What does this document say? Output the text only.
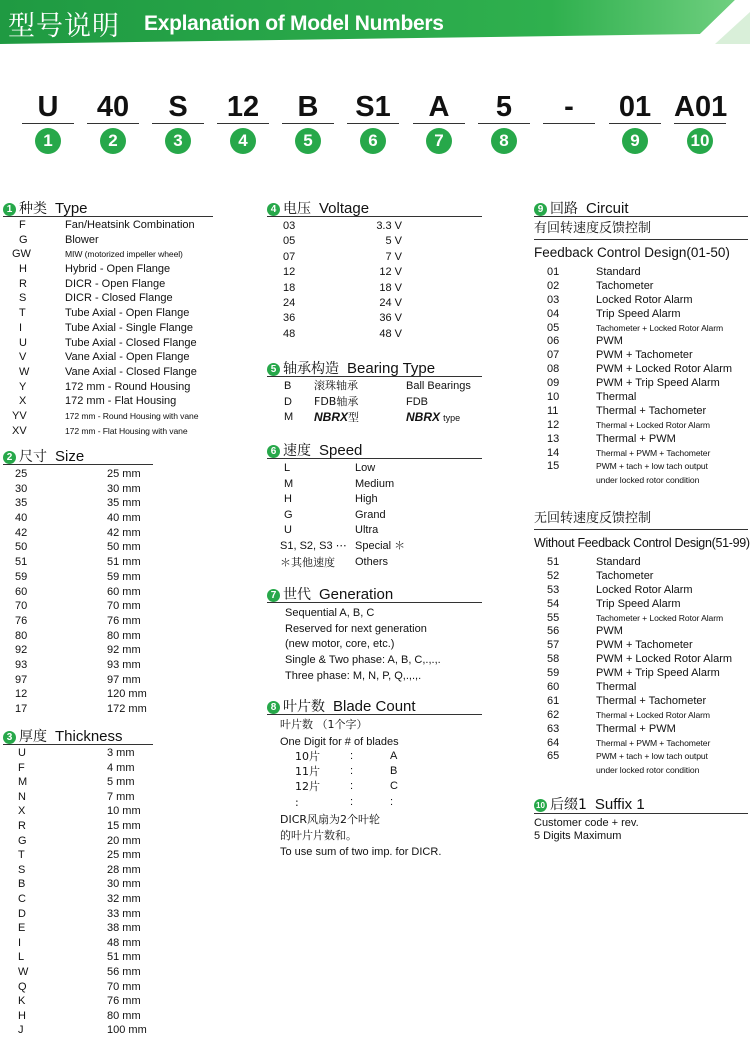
型号说明 Explanation of Model Numbers
U	40	S	12	B	S1	A	5	-	01 A01
1	2	3	4	5	6	7	8	9	10
1 种类 Type
F	Fan/Heatsink Combination
G	Blower
GW	MIW (motorized impeller wheel)
H	Hybrid - Open Flange
R	DICR - Open Flange
S	DICR - Closed Flange
T	Tube Axial - Open Flange
I	Tube Axial - Single Flange
U	Tube Axial - Closed Flange
V	Vane Axial - Open Flange
W	Vane Axial - Closed Flange
Y	172 mm - Round Housing
X	172 mm - Flat Housing
YV	172 mm - Round Housing with vane
XV	172 mm - Flat Housing with vane
2 尺寸 Size
25	25 mm
30	30 mm
35	35 mm
40	40 mm
42	42 mm
50	50 mm
51	51 mm
59	59 mm
60	60 mm
70	70 mm
76	76 mm
80	80 mm
92	92 mm
93	93 mm
97	97 mm
12	120 mm
17	172 mm
3 厚度 Thickness
U	3 mm
F	4 mm
M	5 mm
N	7 mm
X	10 mm
R	15 mm
G	20 mm
T	25 mm
S	28 mm
B	30 mm
C	32 mm
D	33 mm
E	38 mm
I	48 mm
L	51 mm
W	56 mm
Q	70 mm
K	76 mm
H	80 mm
J	100 mm
4 电压 Voltage
03	3.3 V
05	5 V
07	7 V
12	12 V
18	18 V
24	24 V
36	36 V
48	48 V
5 轴承构造 Bearing Type
B 滚珠轴承	Ball Bearings
D FDB轴承	FDB
M NBRX型	NBRX type
6 速度 Speed
L	Low
M	Medium
H	High
G	Grand
U	Ultra
S1, S2, S3 ⋯ Special ＊
＊其他速度 Others
7 世代 Generation
Sequential A, B, C
Reserved for next generation
(new motor, core, etc.)
Single & Two phase: A, B, C,.,.,.
Three phase: M, N, P, Q,.,.,.
8 叶片数 Blade Count
叶片数 （1个字）
One Digit for # of blades
10片	A
:
11片	B
:
12片	C
:
:	:
:
DICR风扇为2个叶轮
的叶片片数和。
To use sum of two imp. for DICR.
9 回路 Circuit
有回转速度反馈控制
Feedback Control Design(01-50)
01	Standard
02	Tachometer
03	Locked Rotor Alarm
04	Trip Speed Alarm
05	Tachometer + Locked Rotor Alarm
06	PWM
07	PWM + Tachometer
08	PWM + Locked Rotor Alarm
09	PWM + Trip Speed Alarm
10	Thermal
11	Thermal + Tachometer
12	Thermal + Locked Rotor Alarm
13	Thermal + PWM
14	Thermal + PWM + Tachometer
15	PWM + tach + low tach output
under locked rotor condition
无回转速度反馈控制
Without Feedback Control Design(51-99)
51	Standard
52	Tachometer
53	Locked Rotor Alarm
54	Trip Speed Alarm
55	Tachometer + Locked Rotor Alarm
56	PWM
57	PWM + Tachometer
58	PWM + Locked Rotor Alarm
59	PWM + Trip Speed Alarm
60	Thermal
61	Thermal + Tachometer
62	Thermal + Locked Rotor Alarm
63	Thermal + PWM
64	Thermal + PWM + Tachometer
65	PWM + tach + low tach output
under locked rotor condition
10 后缀1 Suffix 1
Customer code + rev.
5 Digits Maximum
